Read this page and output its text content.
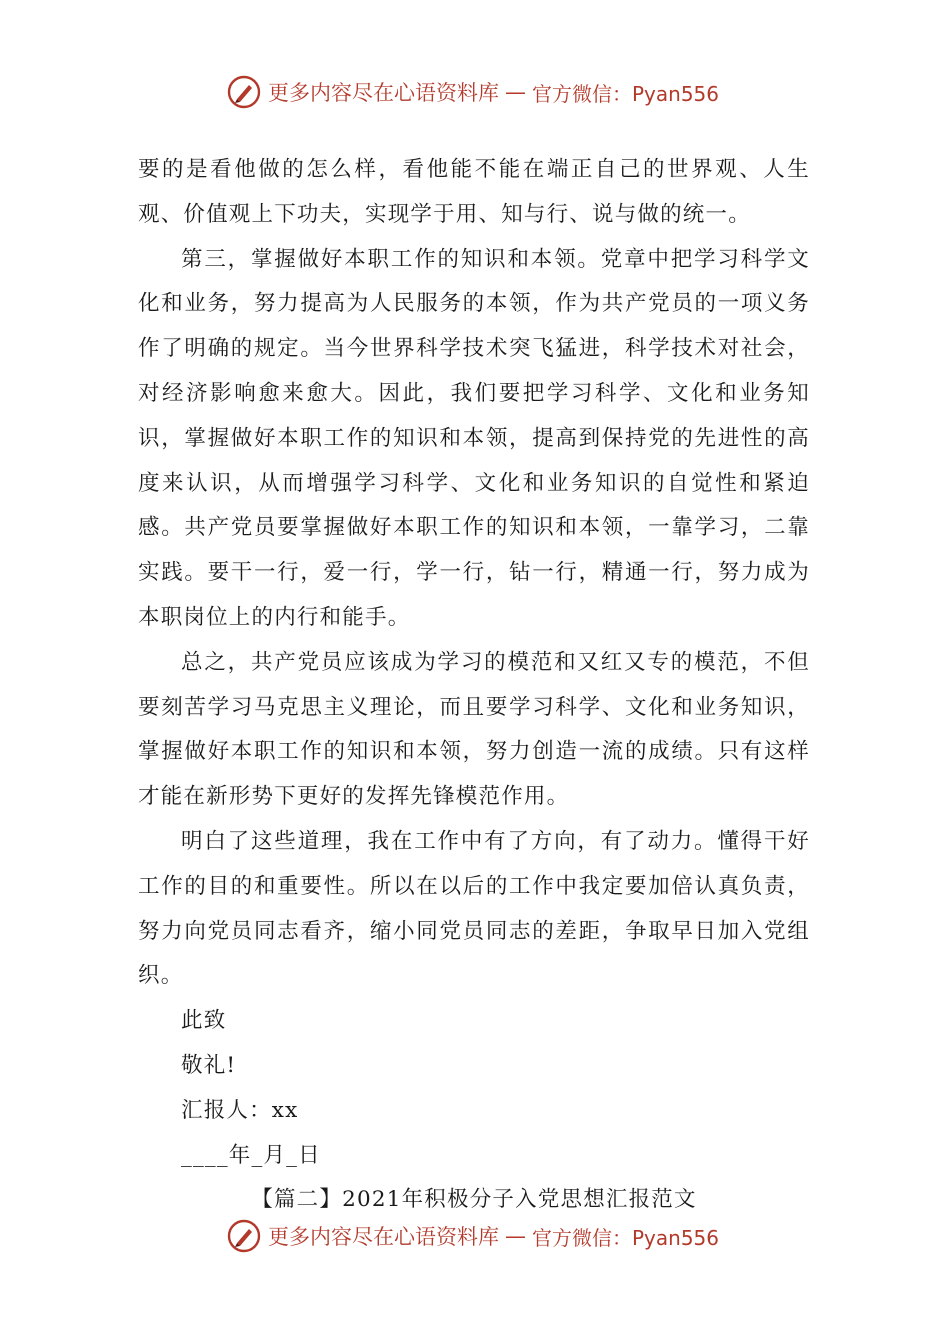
更多内容尽在心语资料库 — 官方微信：Pyan556

要的是看他做的怎么样，看他能不能在端正自己的世界观、人生观、价值观上下功夫，实现学于用、知与行、说与做的统一。

第三，掌握做好本职工作的知识和本领。党章中把学习科学文化和业务，努力提高为人民服务的本领，作为共产党员的一项义务作了明确的规定。当今世界科学技术突飞猛进，科学技术对社会，对经济影响愈来愈大。因此，我们要把学习科学、文化和业务知识，掌握做好本职工作的知识和本领，提高到保持党的先进性的高度来认识，从而增强学习科学、文化和业务知识的自觉性和紧迫感。共产党员要掌握做好本职工作的知识和本领，一靠学习，二靠实践。要干一行，爱一行，学一行，钻一行，精通一行，努力成为本职岗位上的内行和能手。

总之，共产党员应该成为学习的模范和又红又专的模范，不但要刻苦学习马克思主义理论，而且要学习科学、文化和业务知识，掌握做好本职工作的知识和本领，努力创造一流的成绩。只有这样才能在新形势下更好的发挥先锋模范作用。

明白了这些道理，我在工作中有了方向，有了动力。懂得干好工作的目的和重要性。所以在以后的工作中我定要加倍认真负责，努力向党员同志看齐，缩小同党员同志的差距，争取早日加入党组织。

此致

敬礼!

汇报人：xx

____年_月_日

【篇二】2021年积极分子入党思想汇报范文

更多内容尽在心语资料库 — 官方微信：Pyan556
